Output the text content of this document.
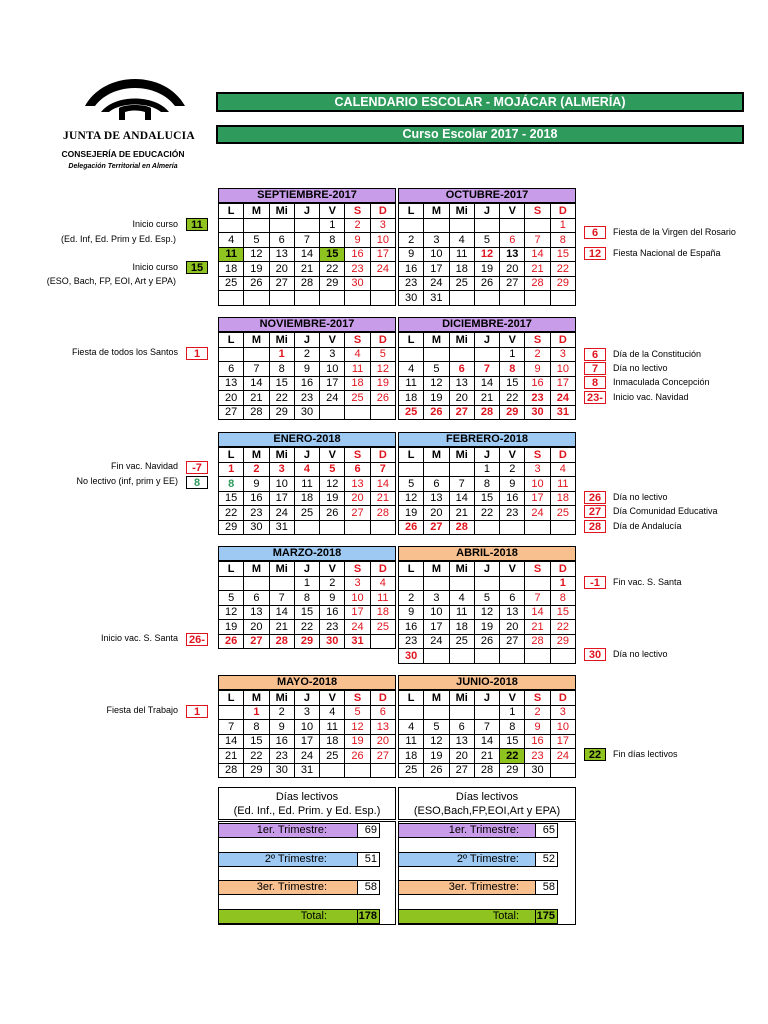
JUNTA DE ANDALUCIA
CONSEJERÍA DE EDUCACIÓN
Delegación Territorial en Almería
CALENDARIO ESCOLAR - MOJÁCAR (ALMERÍA)
Curso Escolar 2017 - 2018
SEPTIEMBRE-2017
L	M	Mi	J	V	S	D
				1	2	3
4	5	6	7	8	9	10
11	12	13	14	15	16	17
18	19	20	21	22	23	24
25	26	27	28	29	30	

OCTUBRE-2017
L	M	Mi	J	V	S	D
						1
2	3	4	5	6	7	8
9	10	11	12	13	14	15
16	17	18	19	20	21	22
23	24	25	26	27	28	29
30	31					
NOVIEMBRE-2017
L	M	Mi	J	V	S	D
		1	2	3	4	5
6	7	8	9	10	11	12
13	14	15	16	17	18	19
20	21	22	23	24	25	26
27	28	29	30			
DICIEMBRE-2017
L	M	Mi	J	V	S	D
				1	2	3
4	5	6	7	8	9	10
11	12	13	14	15	16	17
18	19	20	21	22	23	24
25	26	27	28	29	30	31
ENERO-2018
L	M	Mi	J	V	S	D
1	2	3	4	5	6	7
8	9	10	11	12	13	14
15	16	17	18	19	20	21
22	23	24	25	26	27	28
29	30	31				
FEBRERO-2018
L	M	Mi	J	V	S	D
			1	2	3	4
5	6	7	8	9	10	11
12	13	14	15	16	17	18
19	20	21	22	23	24	25
26	27	28				
MARZO-2018
L	M	Mi	J	V	S	D
			1	2	3	4
5	6	7	8	9	10	11
12	13	14	15	16	17	18
19	20	21	22	23	24	25
26	27	28	29	30	31	
ABRIL-2018
L	M	Mi	J	V	S	D
						1
2	3	4	5	6	7	8
9	10	11	12	13	14	15
16	17	18	19	20	21	22
23	24	25	26	27	28	29
30						
MAYO-2018
L	M	Mi	J	V	S	D
	1	2	3	4	5	6
7	8	9	10	11	12	13
14	15	16	17	18	19	20
21	22	23	24	25	26	27
28	29	30	31			
JUNIO-2018
L	M	Mi	J	V	S	D
				1	2	3
4	5	6	7	8	9	10
11	12	13	14	15	16	17
18	19	20	21	22	23	24
25	26	27	28	29	30	
Inicio curso	11
(Ed. Inf, Ed. Prim y Ed. Esp.)
Inicio curso	15
(ESO, Bach, FP, EOI, Art y EPA)
Fiesta de todos los Santos	1
Fin vac. Navidad	-7
No lectivo (inf, prim y EE)	8
Inicio vac. S. Santa 26-
Fiesta del Trabajo	1
6	Fiesta de la Virgen del Rosario
12	Fiesta Nacional de España
6	Día de la Constitución
7	Día no lectivo
8	Inmaculada Concepción
23-	Inicio vac. Navidad
26	Día no lectivo
27	Día Comunidad Educativa
28	Día de Andalucía
-1	Fin vac. S. Santa
30	Día no lectivo
22	Fin días lectivos
Días lectivos
(Ed. Inf., Ed. Prim. y Ed. Esp.)
1er. Trimestre:	69
2º Trimestre:	51
3er. Trimestre:	58
Total:	178
Días lectivos
(ESO,Bach,FP,EOI,Art y EPA)
1er. Trimestre:	65
2º Trimestre:	52
3er. Trimestre:	58
Total: 175
